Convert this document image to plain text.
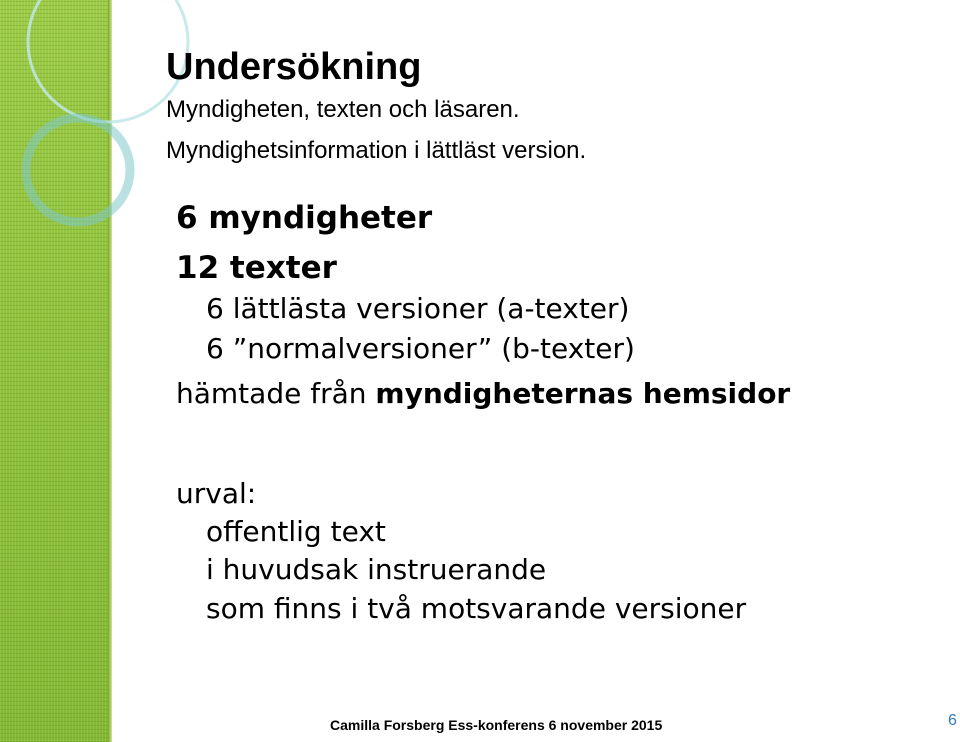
Undersökning
Myndigheten, texten och läsaren.
Myndighetsinformation i lättläst version.
6 myndigheter
12 texter
6 lättlästa versioner (a-texter)
6 ”normalversioner” (b-texter)
hämtade från myndigheternas hemsidor
urval:
offentlig text
i huvudsak instruerande
som finns i två motsvarande versioner
Camilla Forsberg Ess-konferens 6 november 2015	6
